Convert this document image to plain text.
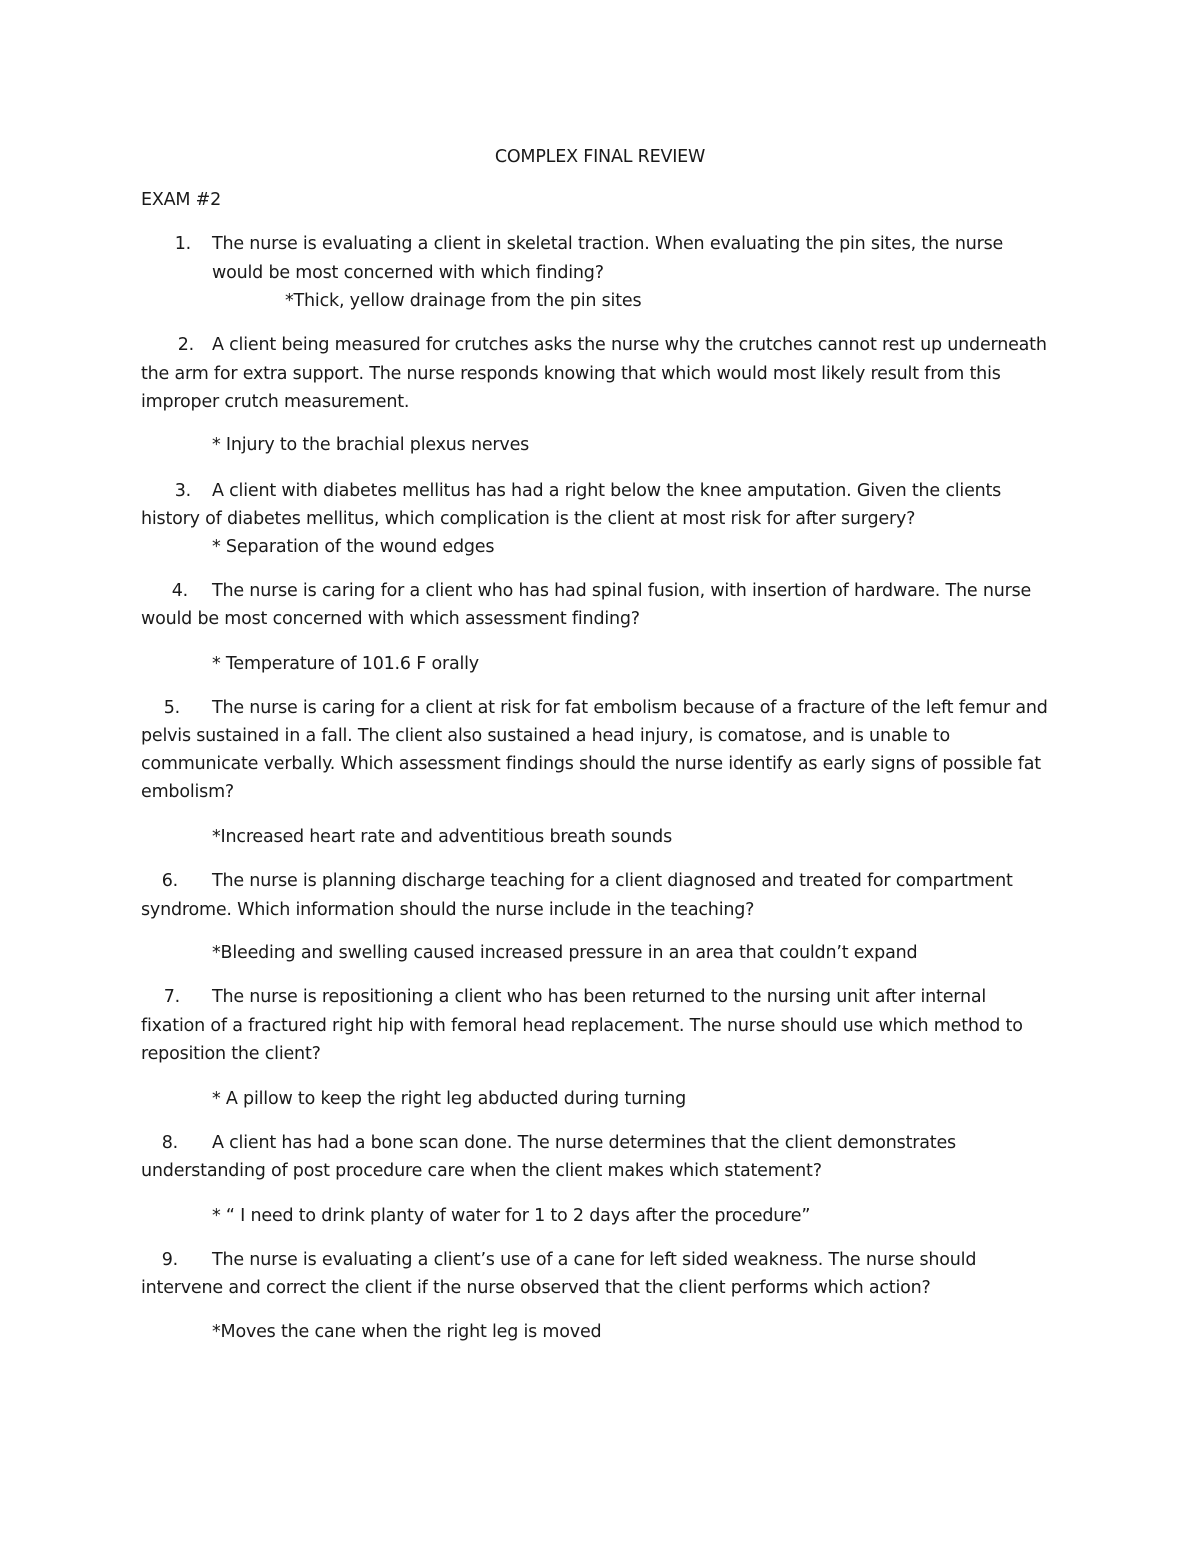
COMPLEX FINAL REVIEW
EXAM #2
1. The nurse is evaluating a client in skeletal traction. When evaluating the pin sites, the nurse
would be most concerned with which finding?
*Thick, yellow drainage from the pin sites
2. A client being measured for crutches asks the nurse why the crutches cannot rest up underneath
the arm for extra support. The nurse responds knowing that which would most likely result from this
improper crutch measurement.
* Injury to the brachial plexus nerves
3. A client with diabetes mellitus has had a right below the knee amputation. Given the clients
history of diabetes mellitus, which complication is the client at most risk for after surgery?
* Separation of the wound edges
4. The nurse is caring for a client who has had spinal fusion, with insertion of hardware. The nurse
would be most concerned with which assessment finding?
* Temperature of 101.6 F orally
5. The nurse is caring for a client at risk for fat embolism because of a fracture of the left femur and
pelvis sustained in a fall. The client also sustained a head injury, is comatose, and is unable to
communicate verbally. Which assessment findings should the nurse identify as early signs of possible fat
embolism?
*Increased heart rate and adventitious breath sounds
6. The nurse is planning discharge teaching for a client diagnosed and treated for compartment
syndrome. Which information should the nurse include in the teaching?
*Bleeding and swelling caused increased pressure in an area that couldn’t expand
7. The nurse is repositioning a client who has been returned to the nursing unit after internal
fixation of a fractured right hip with femoral head replacement. The nurse should use which method to
reposition the client?
* A pillow to keep the right leg abducted during turning
8. A client has had a bone scan done. The nurse determines that the client demonstrates
understanding of post procedure care when the client makes which statement?
* “ I need to drink planty of water for 1 to 2 days after the procedure”
9. The nurse is evaluating a client’s use of a cane for left sided weakness. The nurse should
intervene and correct the client if the nurse observed that the client performs which action?
*Moves the cane when the right leg is moved
